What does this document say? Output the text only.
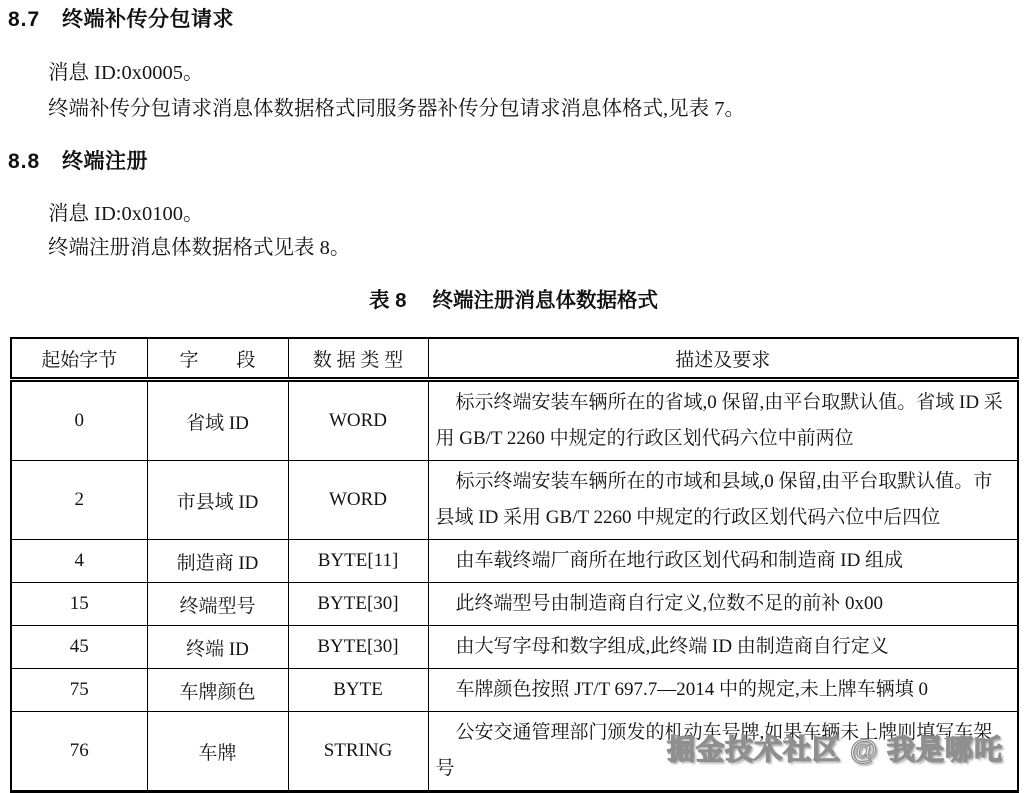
8.7	终端补传分包请求

消息 ID:0x0005。

终端补传分包请求消息体数据格式同服务器补传分包请求消息体格式,见表 7。

8.8	终端注册

消息 ID:0x0100。

终端注册消息体数据格式见表 8。

表 8 终端注册消息体数据格式
起始字节	字　　段	数 据 类 型	描述及要求
0	省域 ID	WORD	标示终端安装车辆所在的省域,0 保留,由平台取默认值。省域 ID 采用 GB/T 2260 中规定的行政区划代码六位中前两位
2	市县域 ID	WORD	标示终端安装车辆所在的市域和县域,0 保留,由平台取默认值。市县域 ID 采用 GB/T 2260 中规定的行政区划代码六位中后四位
4	制造商 ID	BYTE[11]	由车载终端厂商所在地行政区划代码和制造商 ID 组成
15	终端型号	BYTE[30]	此终端型号由制造商自行定义,位数不足的前补 0x00
45	终端 ID	BYTE[30]	由大写字母和数字组成,此终端 ID 由制造商自行定义
75	车牌颜色	BYTE	车牌颜色按照 JT/T 697.7—2014 中的规定,未上牌车辆填 0
76	车牌	STRING	公安交通管理部门颁发的机动车号牌,如果车辆未上牌则填写车架号
掘金技术社区 @ 我是哪吒
